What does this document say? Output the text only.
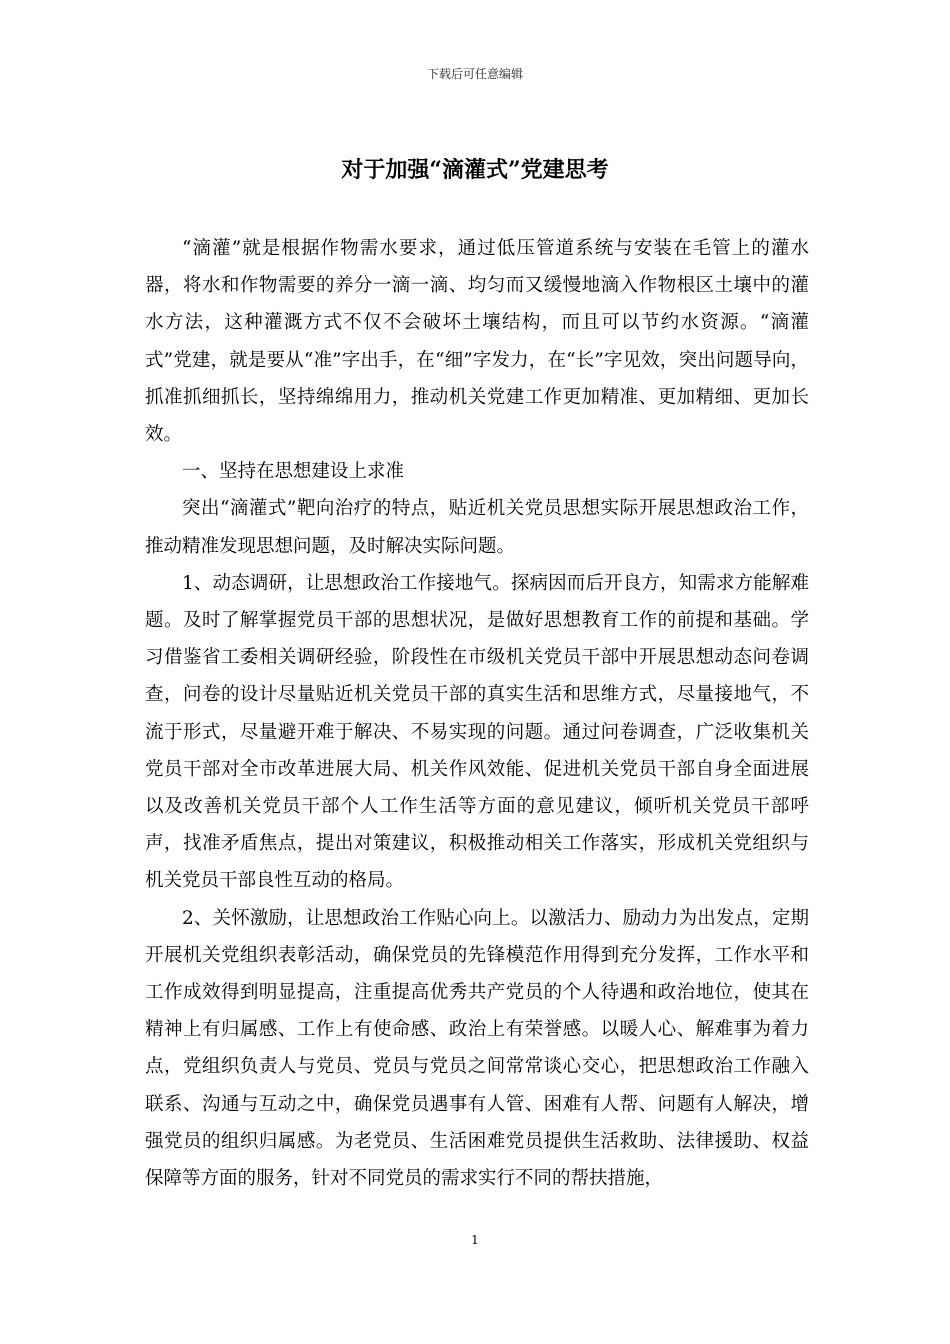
下载后可任意编辑
对于加强“滴灌式”党建思考

“滴灌”就是根据作物需水要求，通过低压管道系统与安装在毛管上的灌水器，将水和作物需要的养分一滴一滴、均匀而又缓慢地滴入作物根区土壤中的灌水方法，这种灌溉方式不仅不会破坏土壤结构，而且可以节约水资源。“滴灌式”党建，就是要从“准”字出手，在“细”字发力，在“长”字见效，突出问题导向，抓准抓细抓长，坚持绵绵用力，推动机关党建工作更加精准、更加精细、更加长效。

一、坚持在思想建设上求准

突出“滴灌式”靶向治疗的特点，贴近机关党员思想实际开展思想政治工作，推动精准发现思想问题，及时解决实际问题。

1、动态调研，让思想政治工作接地气。探病因而后开良方，知需求方能解难题。及时了解掌握党员干部的思想状况，是做好思想教育工作的前提和基础。学习借鉴省工委相关调研经验，阶段性在市级机关党员干部中开展思想动态问卷调查，问卷的设计尽量贴近机关党员干部的真实生活和思维方式，尽量接地气，不流于形式，尽量避开难于解决、不易实现的问题。通过问卷调查，广泛收集机关党员干部对全市改革进展大局、机关作风效能、促进机关党员干部自身全面进展以及改善机关党员干部个人工作生活等方面的意见建议，倾听机关党员干部呼声，找准矛盾焦点，提出对策建议，积极推动相关工作落实，形成机关党组织与机关党员干部良性互动的格局。

2、关怀激励，让思想政治工作贴心向上。以激活力、励动力为出发点，定期开展机关党组织表彰活动，确保党员的先锋模范作用得到充分发挥，工作水平和工作成效得到明显提高，注重提高优秀共产党员的个人待遇和政治地位，使其在精神上有归属感、工作上有使命感、政治上有荣誉感。以暖人心、解难事为着力点，党组织负责人与党员、党员与党员之间常常谈心交心，把思想政治工作融入联系、沟通与互动之中，确保党员遇事有人管、困难有人帮、问题有人解决，增强党员的组织归属感。为老党员、生活困难党员提供生活救助、法律援助、权益保障等方面的服务，针对不同党员的需求实行不同的帮扶措施，

1
